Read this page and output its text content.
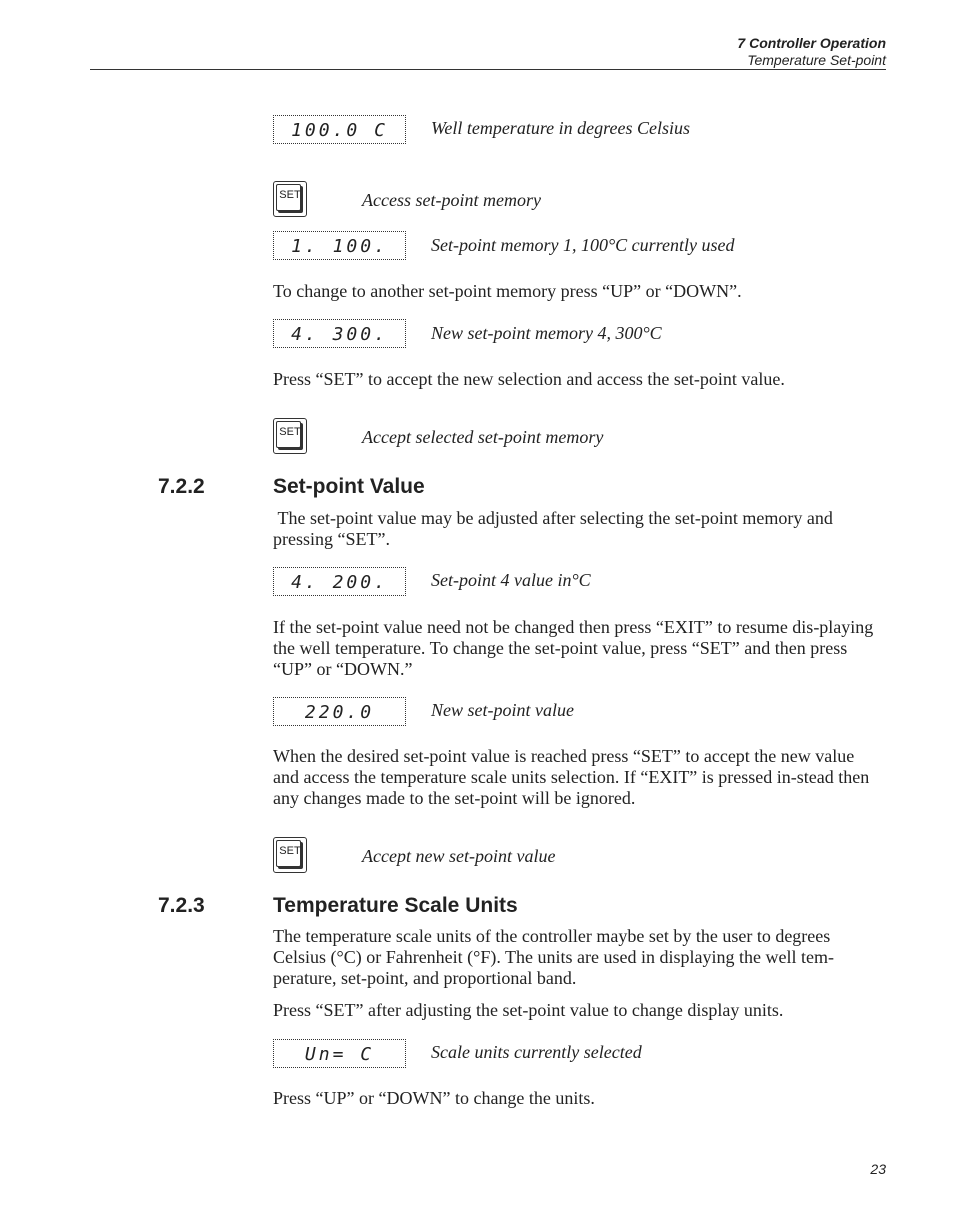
7 Controller Operation
Temperature Set-point
100.0 C	Well temperature in degrees Celsius
SET	Access set-point memory
1. 100.	Set-point memory 1, 100°C currently used
To change to another set-point memory press “UP” or “DOWN”.
4. 300.	New set-point memory 4, 300°C
Press “SET” to accept the new selection and access the set-point value.
SET	Accept selected set-point memory
7.2.2	Set-point Value
The set-point value may be adjusted after selecting the set-point memory and pressing “SET”.
4. 200.	Set-point 4 value in°C
If the set-point value need not be changed then press “EXIT” to resume dis-playing the well temperature. To change the set-point value, press “SET” and then press “UP” or “DOWN.”
220.0	New set-point value
When the desired set-point value is reached press “SET” to accept the new value and access the temperature scale units selection. If “EXIT” is pressed in-stead then any changes made to the set-point will be ignored.
SET	Accept new set-point value
7.2.3	Temperature Scale Units
The temperature scale units of the controller maybe set by the user to degrees Celsius (°C) or Fahrenheit (°F). The units are used in displaying the well tem-perature, set-point, and proportional band.
Press “SET” after adjusting the set-point value to change display units.
Un= C	Scale units currently selected
Press “UP” or “DOWN” to change the units.
23
